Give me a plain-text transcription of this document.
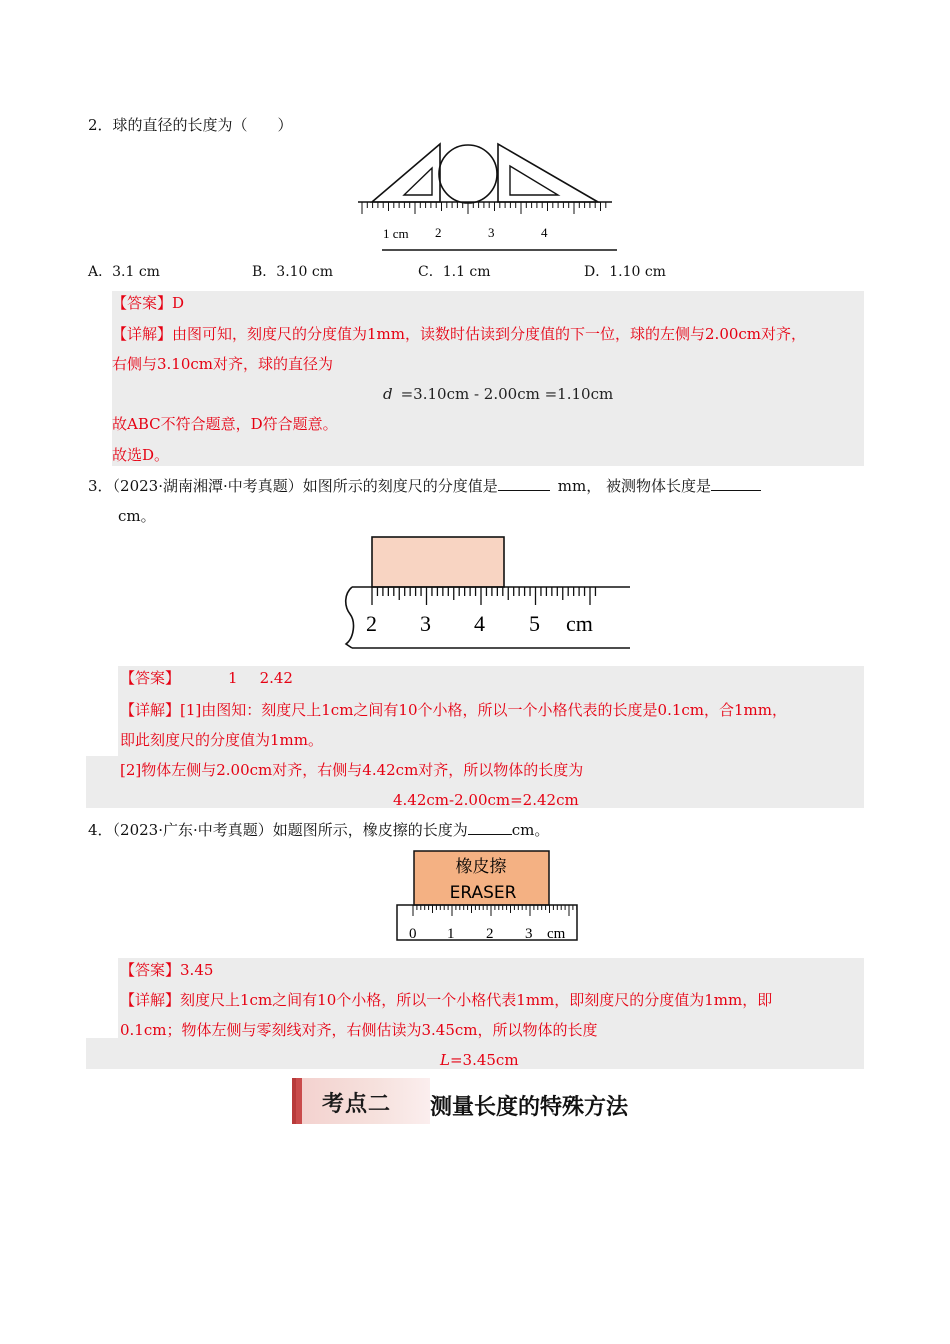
2．球的直径的长度为（　　）
1 cm 2	3	4
A．3.1 cm	B．3.10 cm	C．1.1 cm	D．1.10 cm
【答案】D
【详解】由图可知，刻度尺的分度值为1mm，读数时估读到分度值的下一位，球的左侧与2.00cm对齐，
右侧与3.10cm对齐，球的直径为
d =3.10cm - 2.00cm =1.10cm
故ABC不符合题意，D符合题意。
故选D。
3．（2023·湖南湘潭·中考真题）如图所示的刻度尺的分度值是	mm， 被测物体长度是
cm。
2 3 4 5 cm
【答案】	1 2.42
【详解】[1]由图知：刻度尺上1cm之间有10个小格，所以一个小格代表的长度是0.1cm，合1mm，
即此刻度尺的分度值为1mm。
[2]物体左侧与2.00cm对齐，右侧与4.42cm对齐，所以物体的长度为
4.42cm-2.00cm=2.42cm
4．（2023·广东·中考真题）如题图所示，橡皮擦的长度为	cm。
橡皮擦
ERASER
0 1 2 3 cm
【答案】3.45
【详解】刻度尺上1cm之间有10个小格，所以一个小格代表1mm，即刻度尺的分度值为1mm，即
0.1cm；物体左侧与零刻线对齐，右侧估读为3.45cm，所以物体的长度
L=3.45cm
考点二 测量长度的特殊方法
